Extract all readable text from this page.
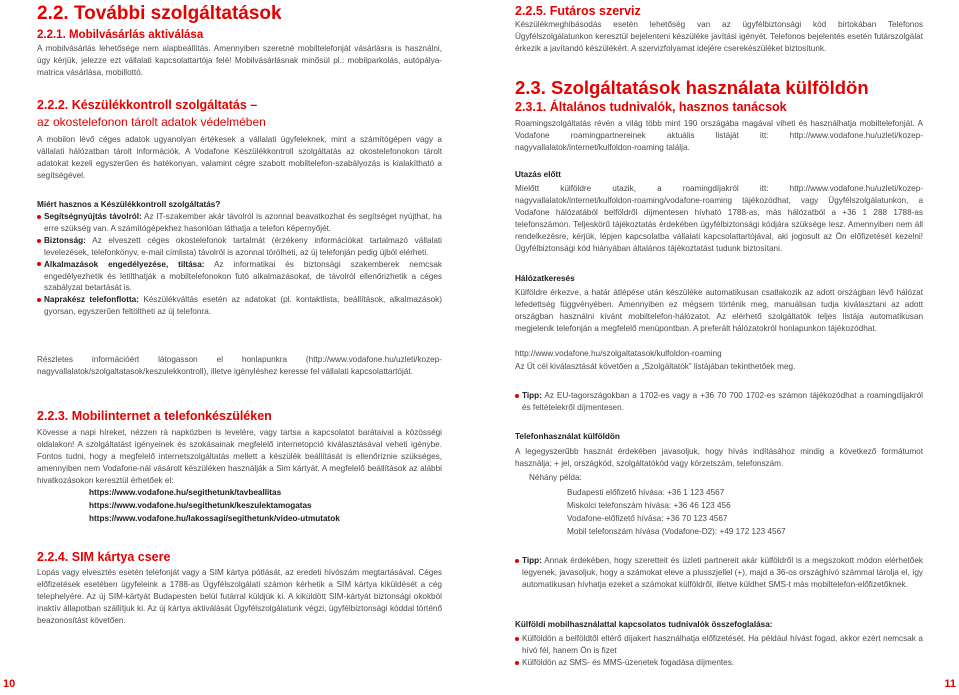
2.2. További szolgáltatások
2.2.1. Mobilvásárlás aktiválása

A mobilvásárlás lehetősége nem alapbeállítás. Amennyiben szeretné mobiltelefonját vásárlásra is használni, úgy kérjük, jelezze ezt vállalati kapcsolattartója felé! Mobilvásárlásnak minősül pl.: mobilparkolás, autópálya-matrica vásárlása, mobillottó.

2.2.2. Készülékkontroll szolgáltatás –
az okostelefonon tárolt adatok védelmében

A mobilon lévő céges adatok ugyanolyan értékesek a vállalati ügyfeleknek, mint a számítógépen vagy a vállalati hálózatban tárolt információk. A Vodafone Készülékkontroll szolgáltatás az okostelefonokon tárolt adatokat kezeli egyszerűen és hatékonyan, valamint cégre szabott mobiltelefon-szabályozás is kialakítható a segítségével.

Miért hasznos a Készülékkontroll szolgáltatás?

Segítségnyújtás távolról: Az IT-szakember akár távolról is azonnal beavatkozhat és segítséget nyújthat, ha erre szükség van. A számítógépekhez hasonlóan láthatja a telefon képernyőjét.

Biztonság: Az elveszett céges okostelefonok tartalmát (érzékeny információkat tartalmazó vállalati levelezések, telefonkönyv, e-mail címlista) távolról is azonnal törölheti, az új telefonján pedig újból elérheti.

Alkalmazások engedélyezése, tiltása: Az informatikai és biztonsági szakemberek nemcsak engedélyezhetik és letilthatják a mobiltelefonokon futó alkalmazásokat, de távolról ellenőrizhetik a céges szabályzat betartását is.

Naprakész telefonflotta: Készülékváltás esetén az adatokat (pl. kontaktlista, beállítások, alkalmazások) gyorsan, egyszerűen feltöltheti az új telefonra.

Részletes információért látogasson el honlapunkra (http://www.vodafone.hu/uzleti/kozep-nagyvallalatok/szolgaltatasok/keszulekkontroll), illetve igényléshez keresse fel vállalati kapcsolattartóját.

2.2.3. Mobilinternet a telefonkészüléken

Kövesse a napi híreket, nézzen rá napközben is levelére, vagy tartsa a kapcsolatot barátaival a közösségi oldalakon! A szolgáltatást igényeinek és szokásainak megfelelő internetopció kiválasztásával veheti igénybe. Fontos tudni, hogy a megfelelő internetszolgáltatás mellett a készülék beállítását is ellenőriznie szükséges, amennyiben nem Vodafone-nál vásárolt készüléken használják a Sim kártyát. A megfelelő beállítások az alábbi hivatkozásokon keresztül érhetőek el:

https://www.vodafone.hu/segithetunk/tavbeallitas
https://www.vodafone.hu/segithetunk/keszulektamogatas
https://www.vodafone.hu/lakossagi/segithetunk/video-utmutatok
2.2.4. SIM kártya csere

Lopás vagy elvesztés esetén telefonját vagy a SIM kártya pótlását, az eredeti hívószám megtartásával. Céges előfizetések esetében ügyfeleink a 1788-as Ügyfélszolgálati számon kérhetik a SIM kártya kiküldését a cég telephelyére. Az új SIM-kártyát Budapesten belül futárral küldjük ki. A kiküldött SIM-kártyát biztonsági okokból inaktív állapotban szállítjuk ki. Az új kártya aktiválását Ügyfélszolgálatunk végzi, ügyfélbiztonsági kóddal történő beazonosítást követően.

10
2.2.5. Futáros szerviz

Készülékmeghibásodás esetén lehetőség van az ügyfélbiztonsági kód birtokában Telefonos Ügyfélszolgálatunkon keresztül bejelenteni készüléke javítási igényét. Telefonos bejelentés esetén futárszolgálat érkezik a javítandó készülékért. A szervizfolyamat idejére cserekészüléket biztosítunk.

2.3. Szolgáltatások használata külföldön
2.3.1. Általános tudnivalók, hasznos tanácsok

Roamingszolgáltatás révén a világ több mint 190 országába magával viheti és használhatja mobiltelefonját. A Vodafone roamingpartnereinek aktuális listáját itt: http://www.vodafone.hu/uzleti/kozep-nagyvallalatok/internet/kulfoldon-roaming találja.

Utazás előtt

Mielőtt külföldre utazik, a roamingdíjakról itt: http://www.vodafone.hu/uzleti/kozep-nagyvallalatok/internet/kulfoldon-roaming/vodafone-roaming tájékozódhat, vagy Ügyfélszolgálatunkon, a Vodafone hálózatából belföldről díjmentesen hívható 1788-as, más hálózatból a +36 1 288 1788-as telefonszámon. Teljeskörű tájékoztatás érdekében ügyfélbiztonsági kódjára szüksége lesz. Amennyiben nem áll rendelkezésre, kérjük, lépjen kapcsolatba vállalati kapcsolattartójával, aki jogosult az Ön előfizetését kezelni! Ügyfélbiztonsági kód hiányában általános tájékoztatást tudunk biztosítani.

Hálózatkeresés

Külföldre érkezve, a határ átlépése után készüléke automatikusan csatlakozik az adott országban lévő hálózat lefedettség függvényében. Amennyiben ez mégsem történik meg, manuálisan tudja kiválasztani az adott országban használni kívánt mobiltelefon-hálózatot. Az elérhető szolgáltatók teljes listája automatikusan megjelenik telefonján a megfelelő menüpontban. A preferált hálózatokról honlapunkon tájékozódhat.

http://www.vodafone.hu/szolgaltatasok/kulfoldon-roaming
Az Üt cél kiválasztását követően a „Szolgáltatók” listájában tekinthetőek meg.

Tipp: Az EU-tagországokban a 1702-es vagy a +36 70 700 1702-es számon tájékozódhat a roamingdíjakról és feltételekről díjmentesen.

Telefonhasználat külföldön

A legegyszerűbb hasznát érdekében javasoljuk, hogy hívás indításához mindig a következő formátumot használja: + jel, országkód, szolgáltatókód vagy körzetszám, telefonszám.

Néhány példa:
Budapesti előfizető hívása: +36 1 123 4567
Miskolci telefonszám hívása: +36 46 123 456
Vodafone-előfizető hívása: +36 70 123 4567
Mobil telefonszám hívása (Vodafone-D2): +49 172 123 4567

Tipp: Annak érdekében, hogy szeretteit és üzleti partnereit akár külföldről is a megszokott módon elérhetőek legyenek, javasoljuk, hogy a számokat eleve a plusszjellel (+), majd a 36-os országhívó számmal tárolja el, így automatikusan hívhatja ezeket a számokat külföldről, illetve küldhet SMS-t más mobiltelefon-előfizetőknek.

Külföldi mobilhasználattal kapcsolatos tudnivalók összefoglalása:

Külföldön a belföldtől eltérő díjakert használhatja előfizetését. Ha például hívást fogad, akkor ezért nemcsak a hívó fél, hanem Ön is fizet

Külföldön az SMS- és MMS-üzenetek fogadása díjmentes.

11
